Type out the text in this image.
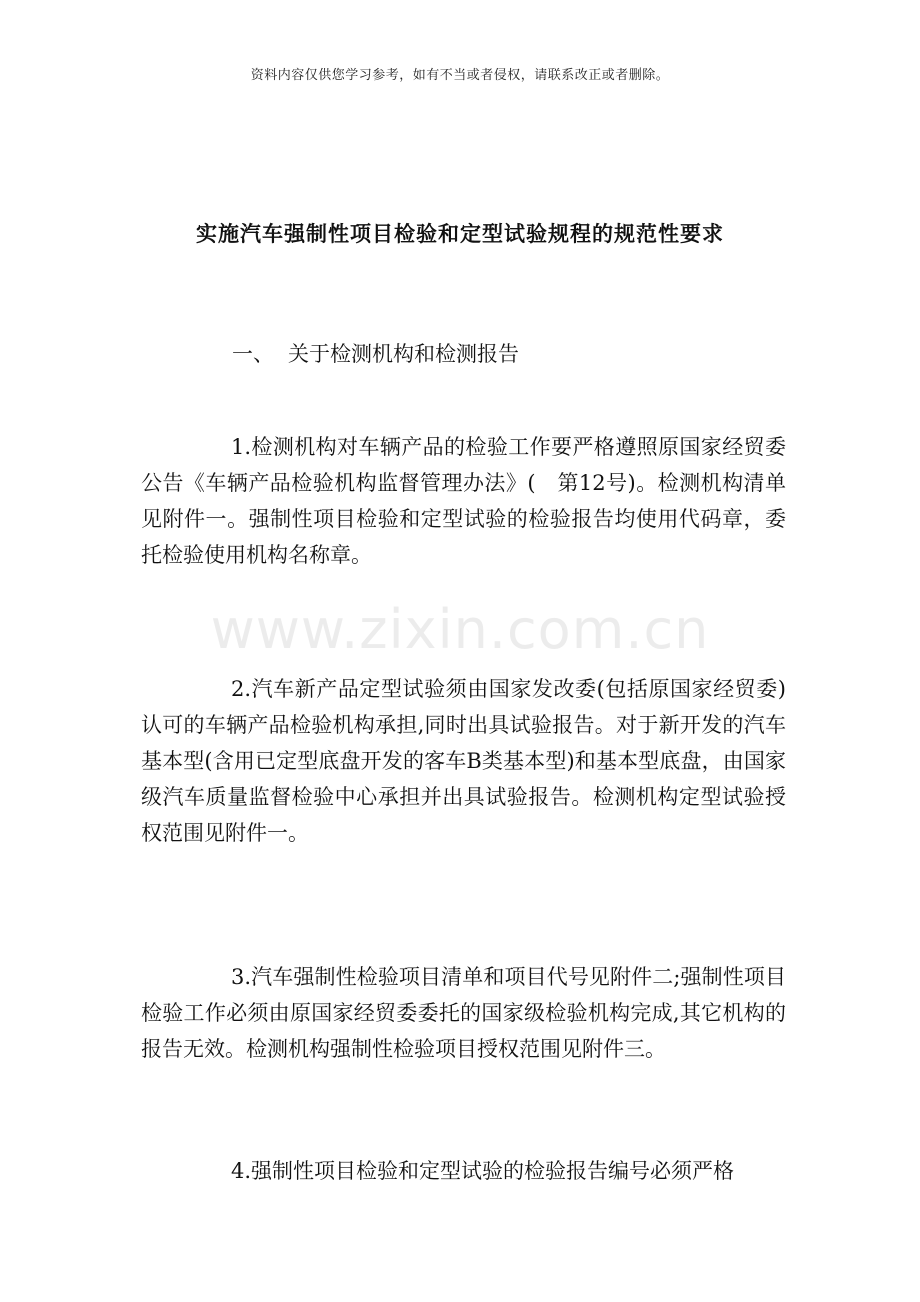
资料内容仅供您学习参考，如有不当或者侵权，请联系改正或者删除。
实施汽车强制性项目检验和定型试验规程的规范性要求
一、 关于检测机构和检测报告
1.检测机构对车辆产品的检验工作要严格遵照原国家经贸委公告《车辆产品检验机构监督管理办法》(　第12号)。检测机构清单见附件一。强制性项目检验和定型试验的检验报告均使用代码章，委托检验使用机构名称章。
2.汽车新产品定型试验须由国家发改委(包括原国家经贸委)认可的车辆产品检验机构承担,同时出具试验报告。对于新开发的汽车基本型(含用已定型底盘开发的客车B类基本型)和基本型底盘，由国家级汽车质量监督检验中心承担并出具试验报告。检测机构定型试验授权范围见附件一。
3.汽车强制性检验项目清单和项目代号见附件二;强制性项目检验工作必须由原国家经贸委委托的国家级检验机构完成,其它机构的报告无效。检测机构强制性检验项目授权范围见附件三。
4.强制性项目检验和定型试验的检验报告编号必须严格
www.zixin.com.cn
